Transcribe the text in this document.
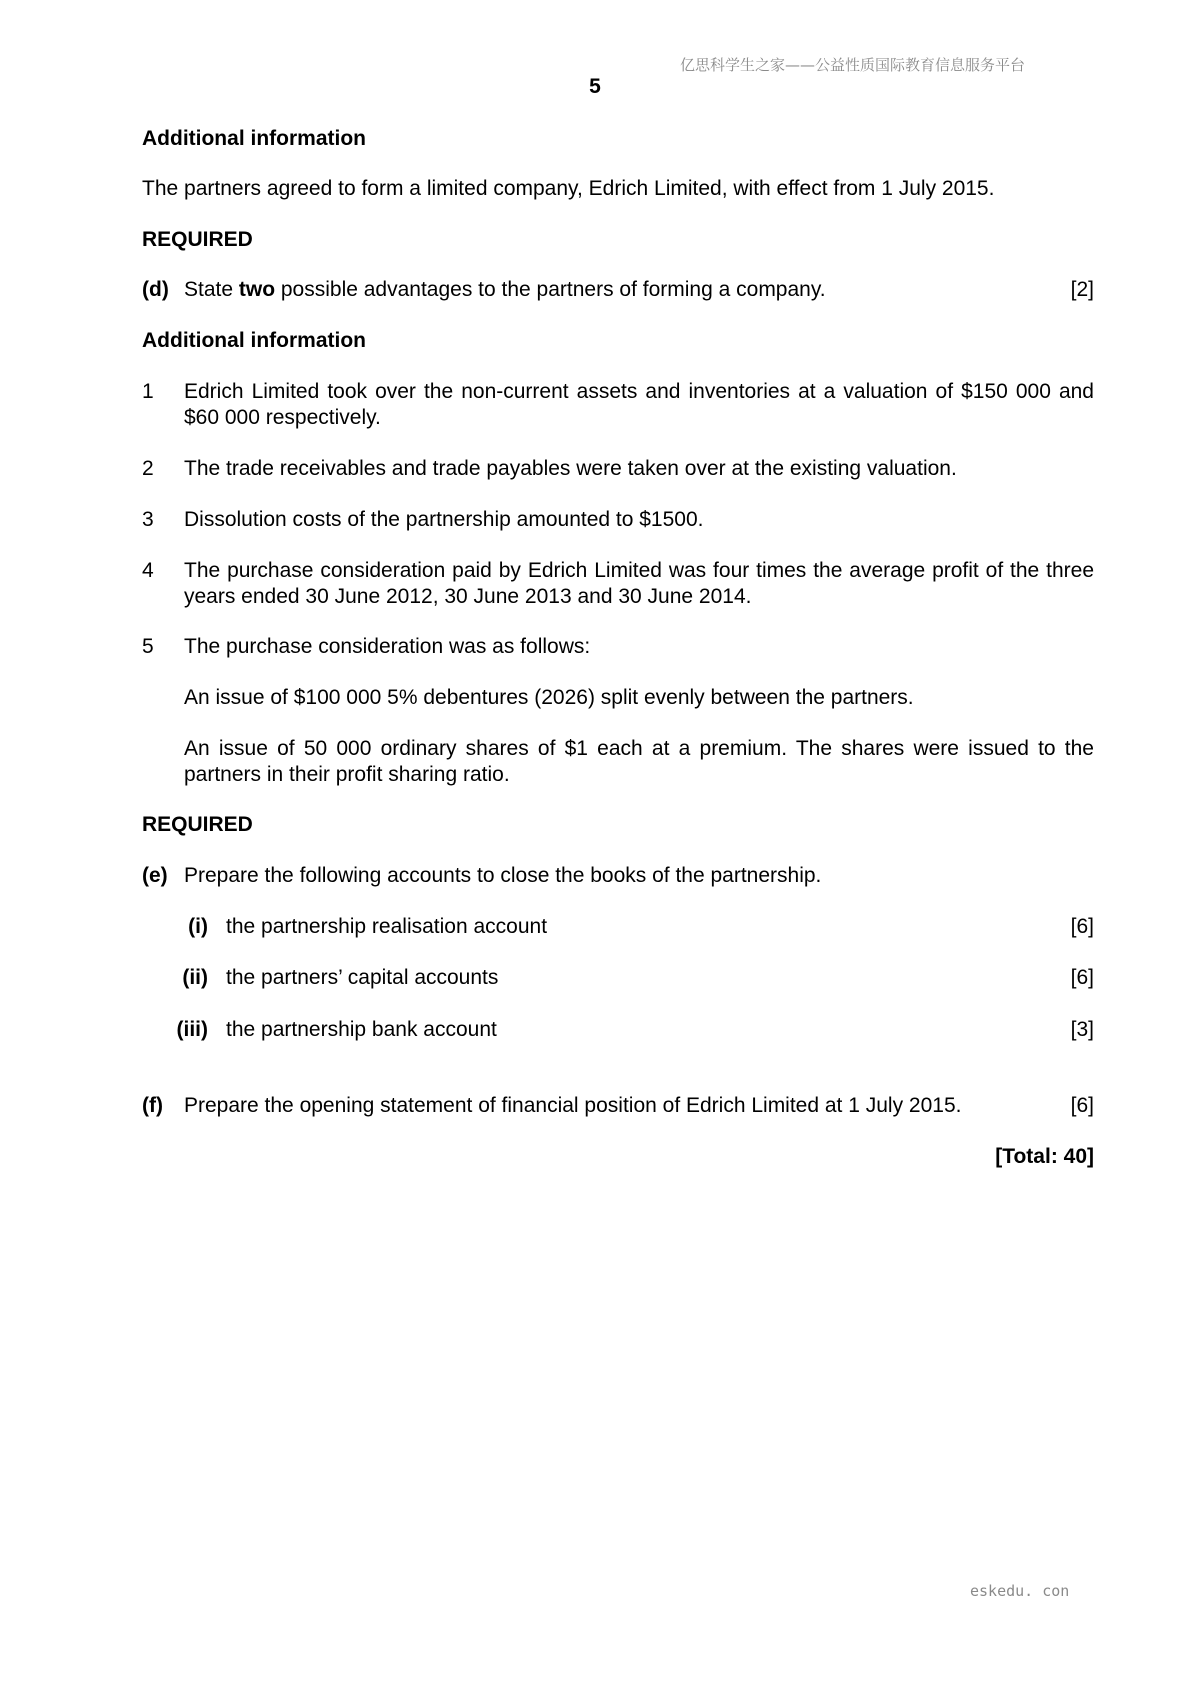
亿思科学生之家——公益性质国际教育信息服务平台
5
Additional information
The partners agreed to form a limited company, Edrich Limited, with effect from 1 July 2015.
REQUIRED
(d) State two possible advantages to the partners of forming a company.	[2]
Additional information
1 Edrich Limited took over the non-current assets and inventories at a valuation of $150 000 and $60 000 respectively.
2 The trade receivables and trade payables were taken over at the existing valuation.
3 Dissolution costs of the partnership amounted to $1500.
4 The purchase consideration paid by Edrich Limited was four times the average profit of the three years ended 30 June 2012, 30 June 2013 and 30 June 2014.
5 The purchase consideration was as follows:
An issue of $100 000 5% debentures (2026) split evenly between the partners.
An issue of 50 000 ordinary shares of $1 each at a premium. The shares were issued to the partners in their profit sharing ratio.
REQUIRED
(e) Prepare the following accounts to close the books of the partnership.
(i) the partnership realisation account	[6]
(ii) the partners’ capital accounts	[6]
(iii) the partnership bank account	[3]
(f) Prepare the opening statement of financial position of Edrich Limited at 1 July 2015.	[6]
[Total: 40]
eskedu. con
